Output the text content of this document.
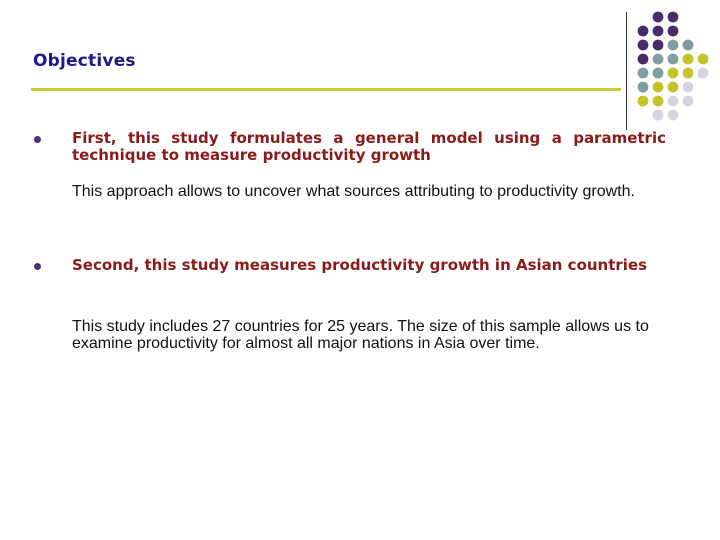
Objectives
First, this study formulates a general model using a parametric technique to measure productivity growth
This approach allows to uncover what sources attributing to productivity growth.
Second, this study measures productivity growth in Asian countries
This study includes 27 countries for 25 years. The size of this sample allows us to examine productivity for almost all major nations in Asia over time.
